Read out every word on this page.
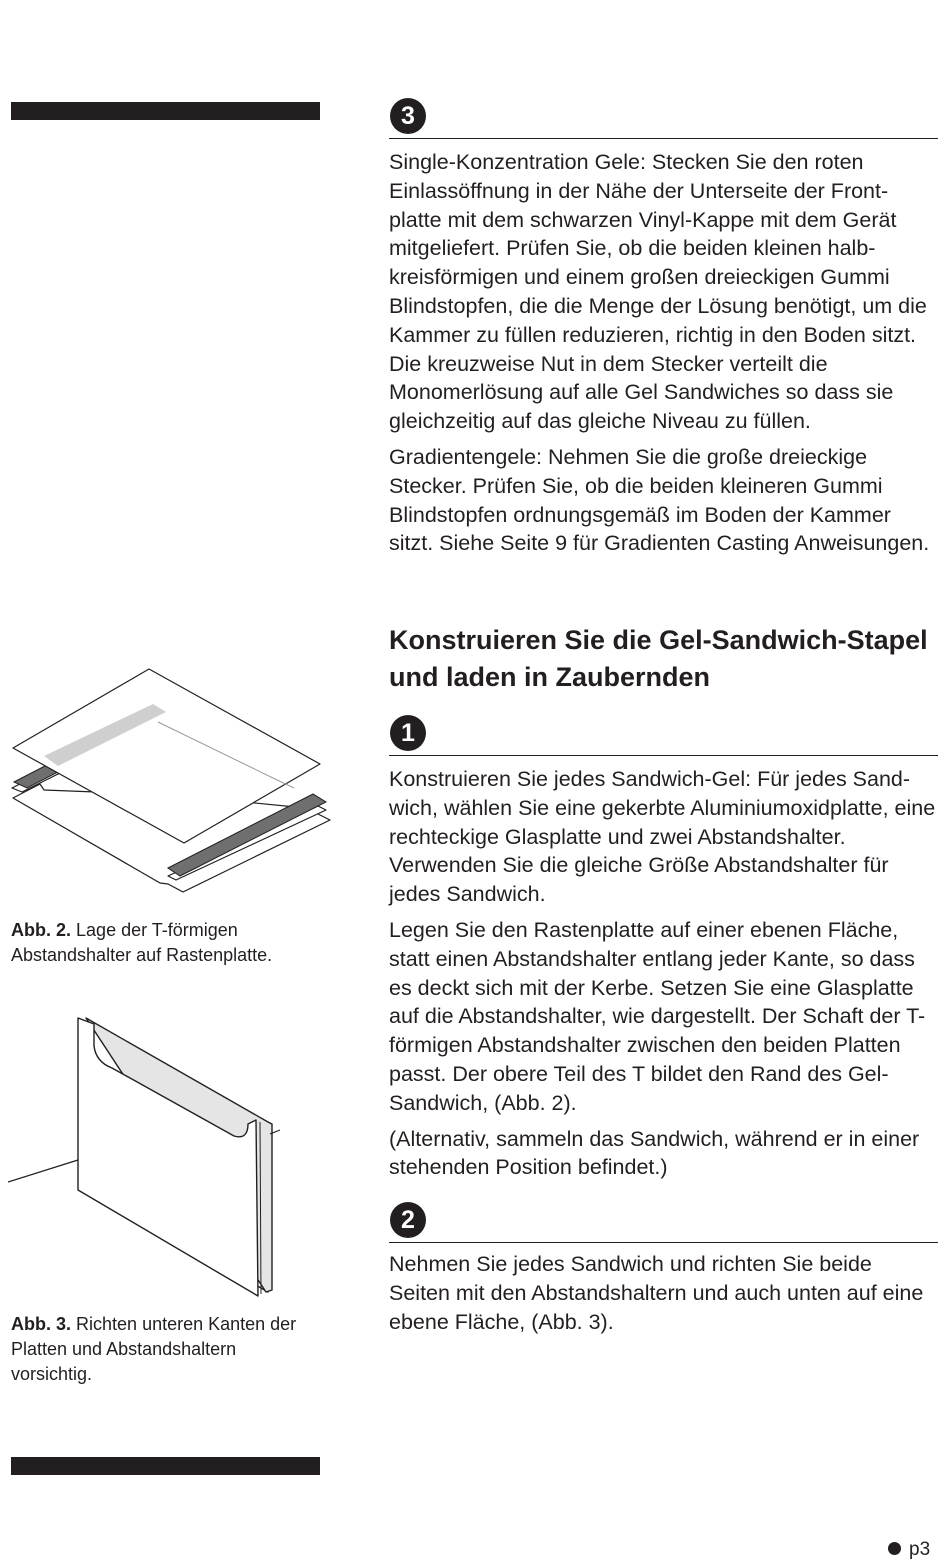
3

Single-Konzentration Gele: Stecken Sie den roten Einlassöffnung in der Nähe der Unterseite der Front- platte mit dem schwarzen Vinyl-Kappe mit dem Gerät mitgeliefert. Prüfen Sie, ob die beiden kleinen halb- kreisförmigen und einem großen dreieckigen Gummi Blindstopfen, die die Menge der Lösung benötigt, um die Kammer zu füllen reduzieren, richtig in den Boden sitzt. Die kreuzweise Nut in dem Stecker verteilt die Monomerlösung auf alle Gel Sandwiches so dass sie gleichzeitig auf das gleiche Niveau zu füllen.

Gradientengele: Nehmen Sie die große dreieckige Stecker. Prüfen Sie, ob die beiden kleineren Gummi Blindstopfen ordnungsgemäß im Boden der Kammer sitzt. Siehe Seite 9 für Gradienten Casting Anweisungen.

Konstruieren Sie die Gel-Sandwich-Stapel und laden in Zaubernden
1

Konstruieren Sie jedes Sandwich-Gel: Für jedes Sand- wich, wählen Sie eine gekerbte Aluminiumoxidplatte, eine rechteckige Glasplatte und zwei Abstandshalter. Verwenden Sie die gleiche Größe Abstandshalter für jedes Sandwich.

Legen Sie den Rastenplatte auf einer ebenen Fläche, statt einen Abstandshalter entlang jeder Kante, so dass es deckt sich mit der Kerbe. Setzen Sie eine Glasplatte auf die Abstandshalter, wie dargestellt. Der Schaft der T-förmigen Abstandshalter zwischen den beiden Platten passt. Der obere Teil des T bildet den Rand des Gel- Sandwich, (Abb. 2).

(Alternativ, sammeln das Sandwich, während er in einer stehenden Position befindet.)

2

Nehmen Sie jedes Sandwich und richten Sie beide Seiten mit den Abstandshaltern und auch unten auf eine ebene Fläche, (Abb. 3).

Abb. 2. Lage der T-förmigen Abstandshalter auf Rastenplatte.
Abb. 3. Richten unteren Kanten der Platten und Abstandshaltern vorsichtig.
p3
